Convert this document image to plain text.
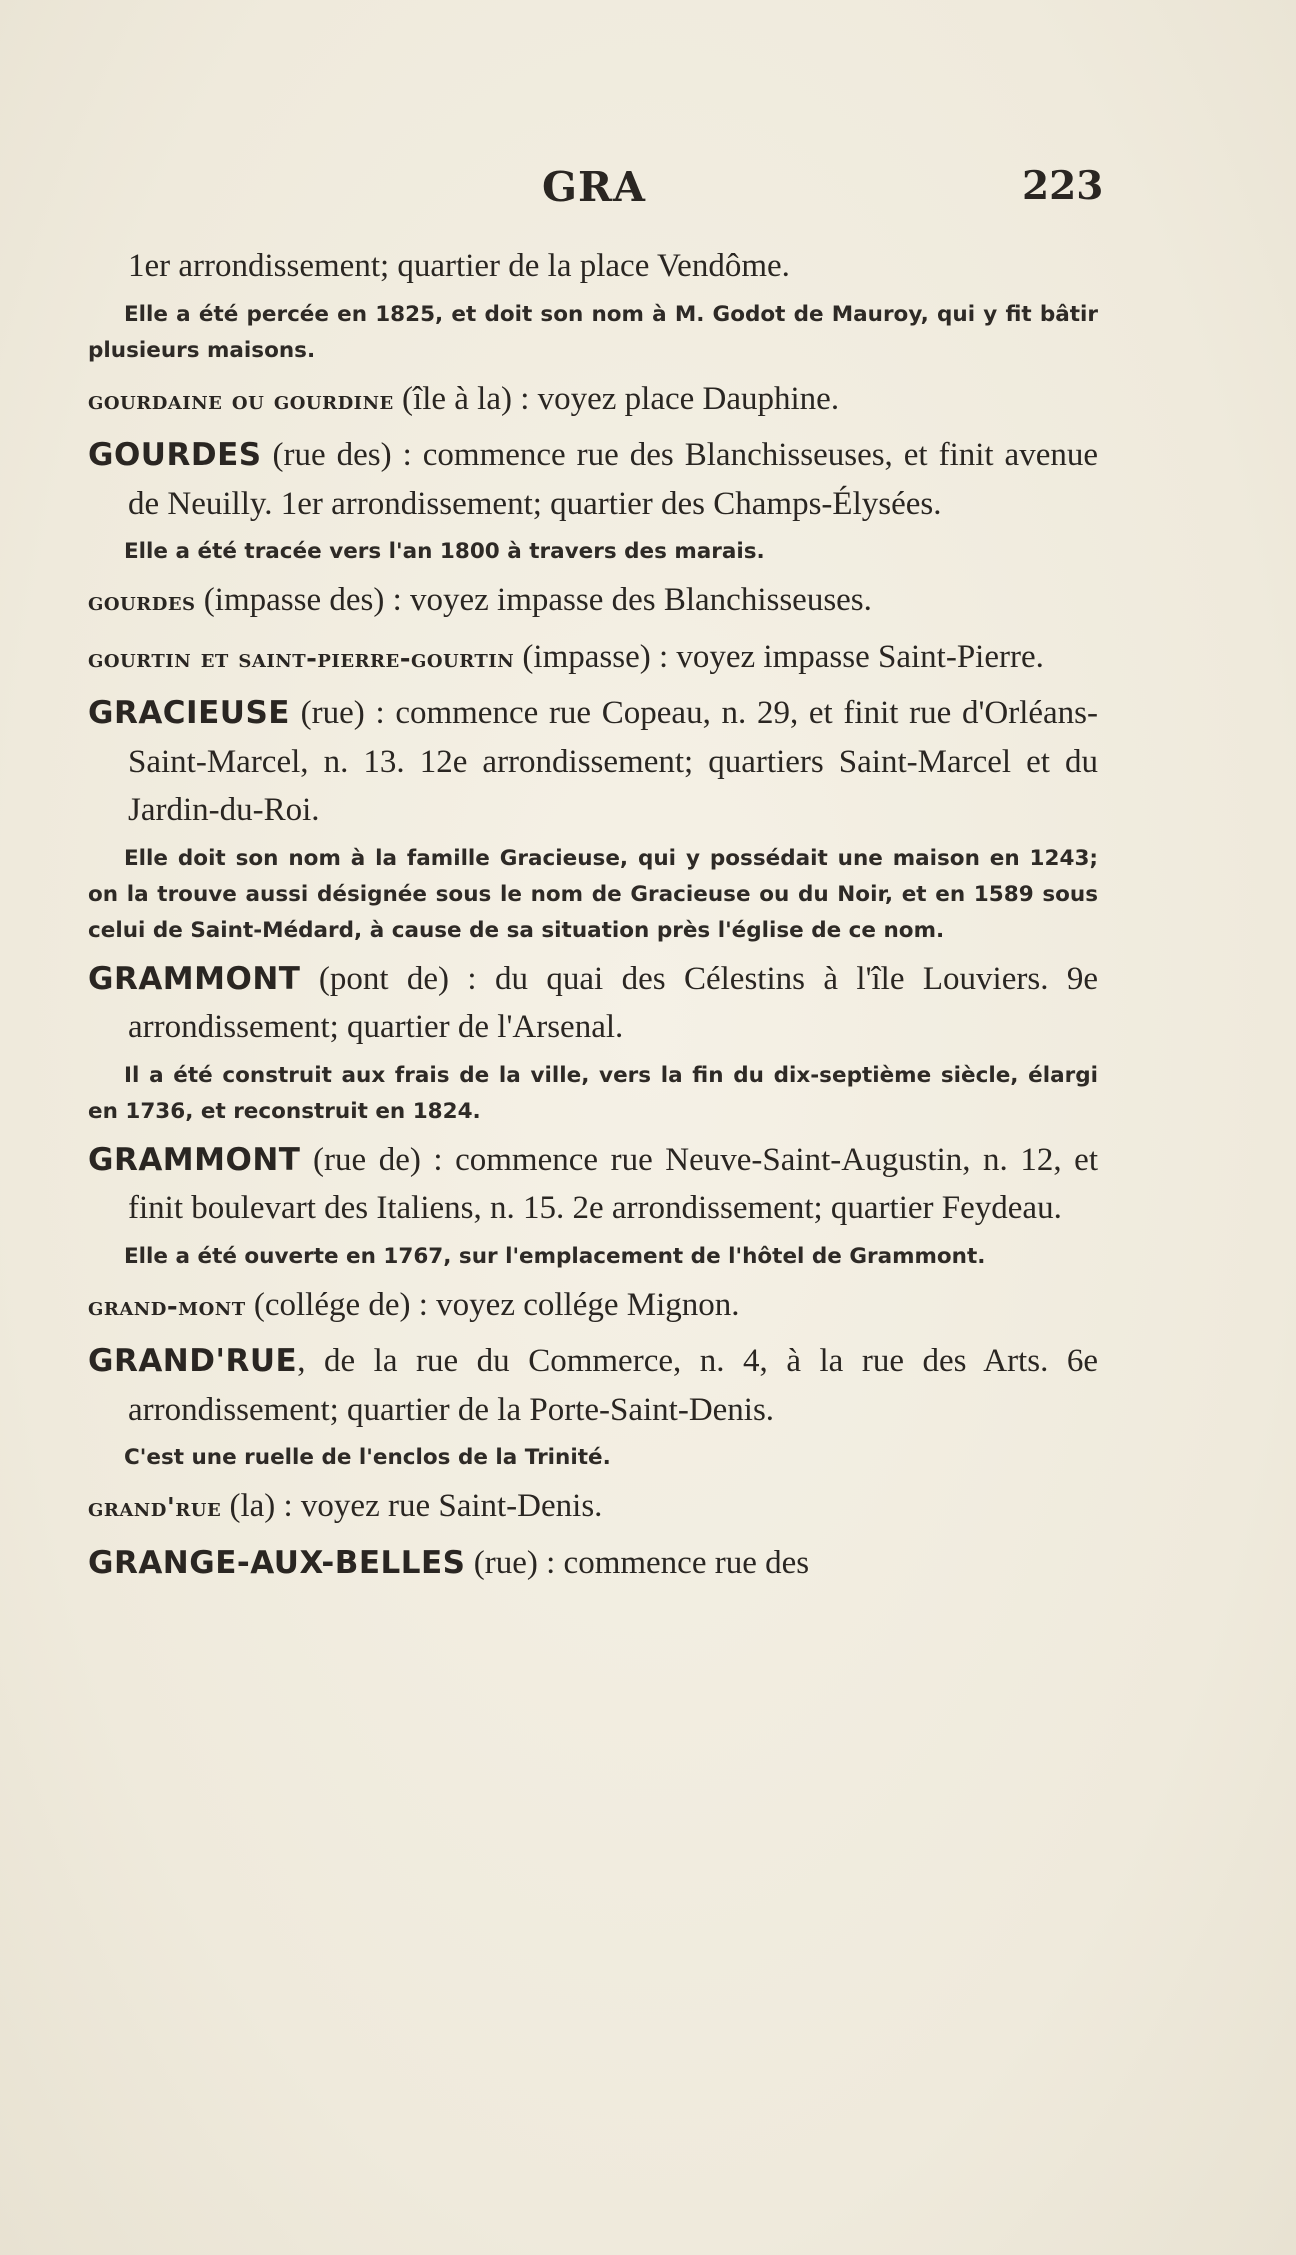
GRA	223

1er arrondissement; quartier de la place Vendôme.

Elle a été percée en 1825, et doit son nom à M. Godot de Mauroy, qui y fit bâtir plusieurs maisons.

gourdaine ou gourdine (île à la) : voyez place Dauphine.

GOURDES (rue des) : commence rue des Blanchisseuses, et finit avenue de Neuilly. 1er arrondissement; quartier des Champs-Élysées.

Elle a été tracée vers l'an 1800 à travers des marais.

gourdes (impasse des) : voyez impasse des Blanchisseuses.

gourtin et saint-pierre-gourtin (impasse) : voyez impasse Saint-Pierre.

GRACIEUSE (rue) : commence rue Copeau, n. 29, et finit rue d'Orléans-Saint-Marcel, n. 13. 12e arrondissement; quartiers Saint-Marcel et du Jardin-du-Roi.

Elle doit son nom à la famille Gracieuse, qui y possédait une maison en 1243; on la trouve aussi désignée sous le nom de Gracieuse ou du Noir, et en 1589 sous celui de Saint-Médard, à cause de sa situation près l'église de ce nom.

GRAMMONT (pont de) : du quai des Célestins à l'île Louviers. 9e arrondissement; quartier de l'Arsenal.

Il a été construit aux frais de la ville, vers la fin du dix-septième siècle, élargi en 1736, et reconstruit en 1824.

GRAMMONT (rue de) : commence rue Neuve-Saint-Augustin, n. 12, et finit boulevart des Italiens, n. 15. 2e arrondissement; quartier Feydeau.

Elle a été ouverte en 1767, sur l'emplacement de l'hôtel de Grammont.

grand-mont (collége de) : voyez collége Mignon.

GRAND'RUE, de la rue du Commerce, n. 4, à la rue des Arts. 6e arrondissement; quartier de la Porte-Saint-Denis.

C'est une ruelle de l'enclos de la Trinité.

grand'rue (la) : voyez rue Saint-Denis.

GRANGE-AUX-BELLES (rue) : commence rue des
